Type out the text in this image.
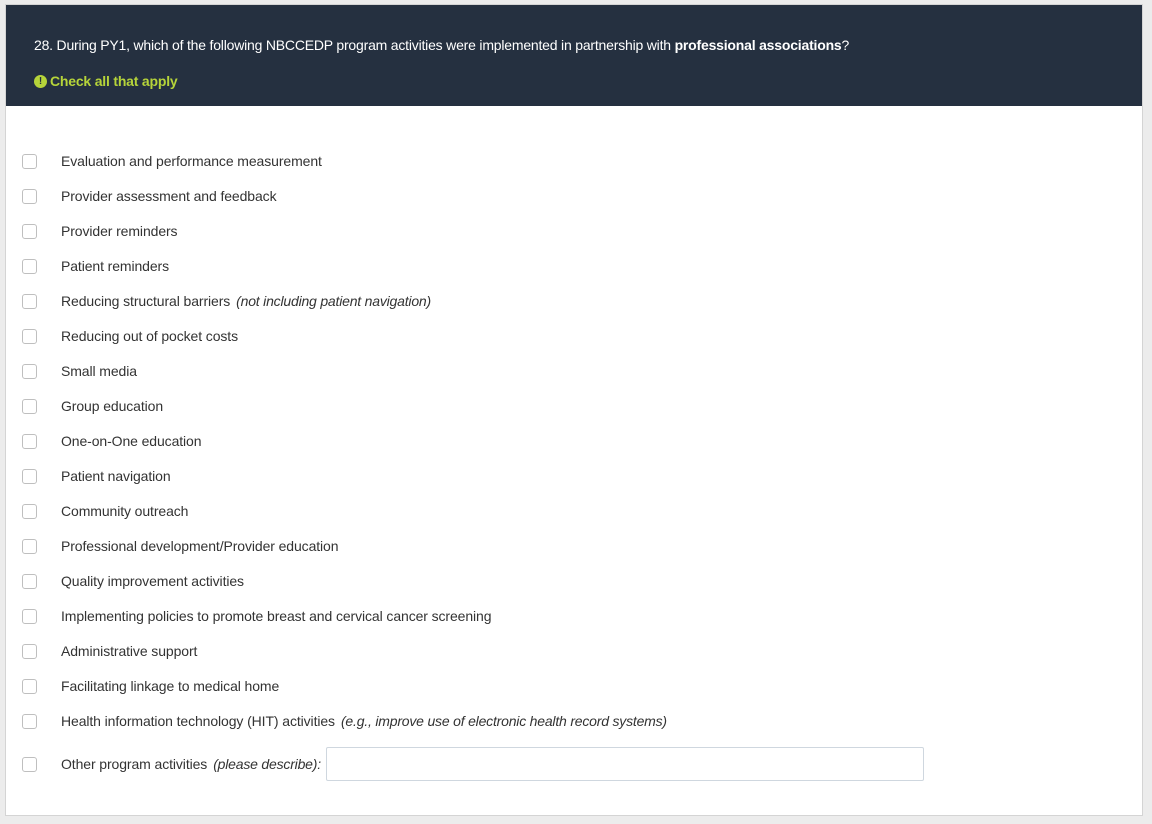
28. During PY1, which of the following NBCCEDP program activities were implemented in partnership with professional associations?
! Check all that apply
Evaluation and performance measurement
Provider assessment and feedback
Provider reminders
Patient reminders
Reducing structural barriers (not including patient navigation)
Reducing out of pocket costs
Small media
Group education
One-on-One education
Patient navigation
Community outreach
Professional development/Provider education
Quality improvement activities
Implementing policies to promote breast and cervical cancer screening
Administrative support
Facilitating linkage to medical home
Health information technology (HIT) activities (e.g., improve use of electronic health record systems)
Other program activities (please describe):
